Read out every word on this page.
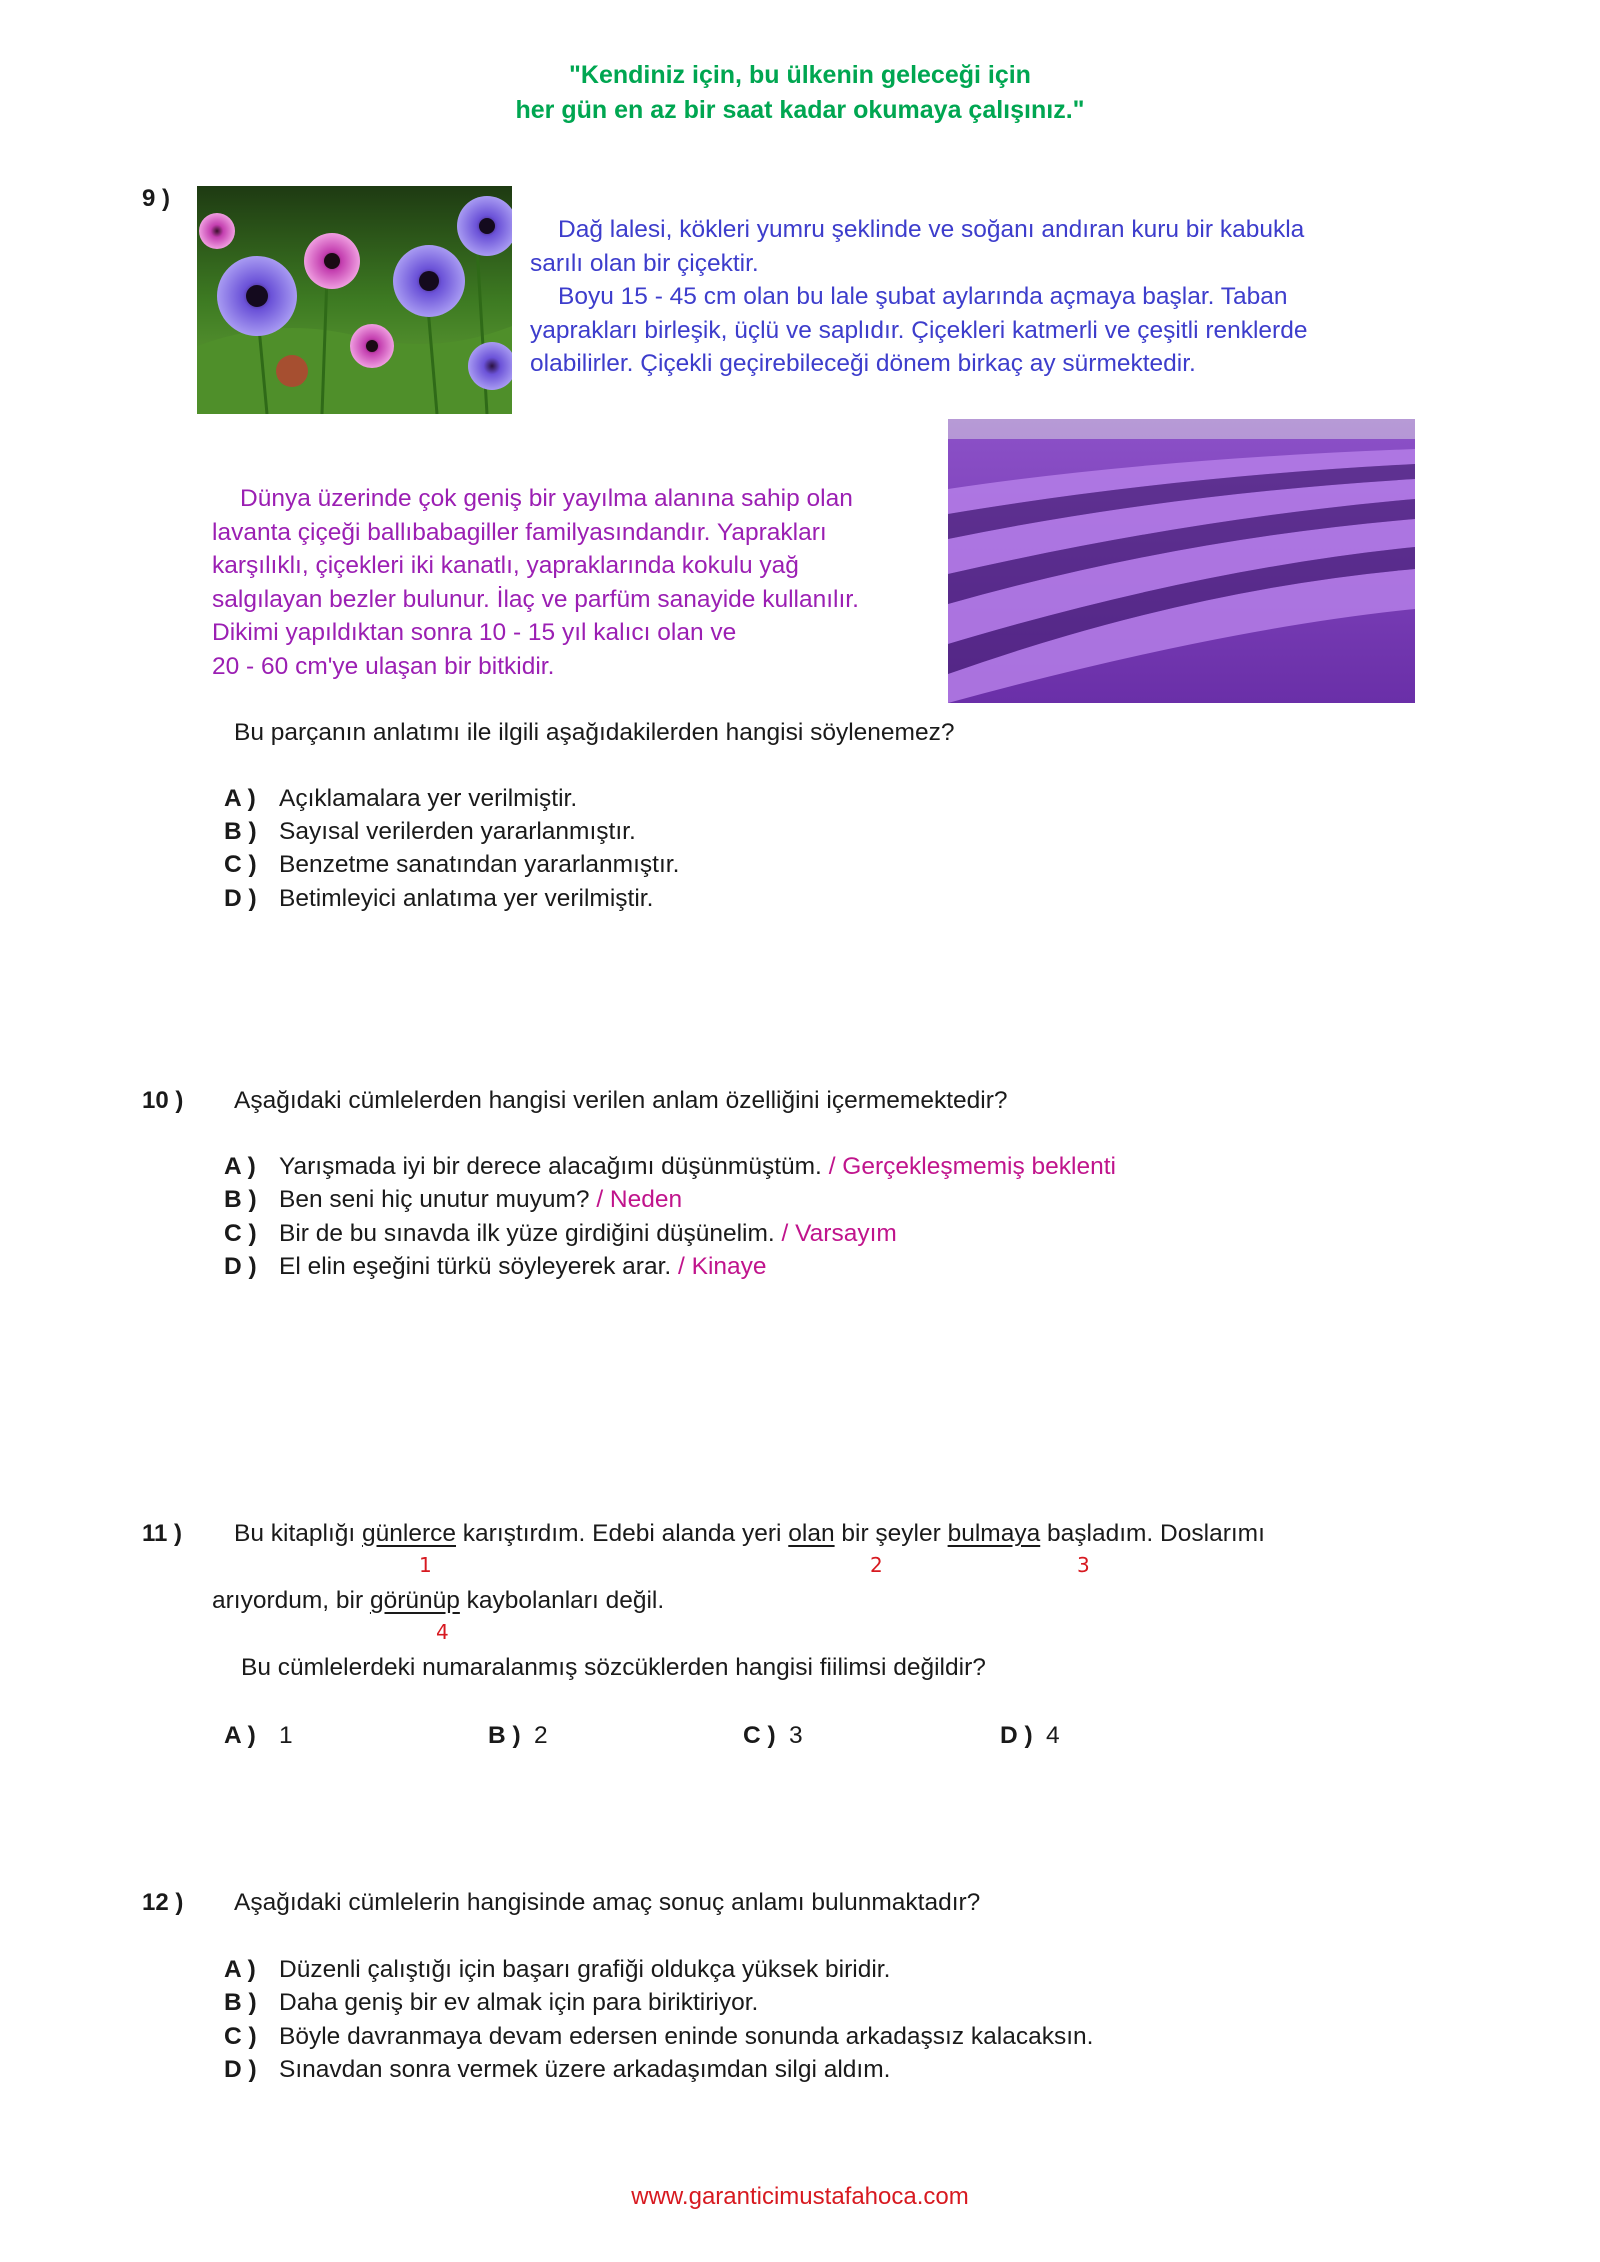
"Kendiniz için, bu ülkenin geleceği için
her gün en az bir saat kadar okumaya çalışınız."
9 )
Dağ lalesi, kökleri yumru şeklinde ve soğanı andıran kuru bir kabukla
sarılı olan bir çiçektir.
Boyu 15 - 45 cm olan bu lale şubat aylarında açmaya başlar. Taban
yaprakları birleşik, üçlü ve saplıdır. Çiçekleri katmerli ve çeşitli renklerde
olabilirler. Çiçekli geçirebileceği dönem birkaç ay sürmektedir.
Dünya üzerinde çok geniş bir yayılma alanına sahip olan
lavanta çiçeği ballıbabagiller familyasındandır. Yaprakları
karşılıklı, çiçekleri iki kanatlı, yapraklarında kokulu yağ
salgılayan bezler bulunur. İlaç ve parfüm sanayide kullanılır.
Dikimi yapıldıktan sonra 10 - 15 yıl kalıcı olan ve
20 - 60 cm'ye ulaşan bir bitkidir.
Bu parçanın anlatımı ile ilgili aşağıdakilerden hangisi söylenemez?
A ) Açıklamalara yer verilmiştir.
B ) Sayısal verilerden yararlanmıştır.
C ) Benzetme sanatından yararlanmıştır.
D ) Betimleyici anlatıma yer verilmiştir.
10 ) Aşağıdaki cümlelerden hangisi verilen anlam özelliğini içermemektedir?
A ) Yarışmada iyi bir derece alacağımı düşünmüştüm. / Gerçekleşmemiş beklenti
B ) Ben seni hiç unutur muyum? / Neden
C ) Bir de bu sınavda ilk yüze girdiğini düşünelim. / Varsayım
D ) El elin eşeğini türkü söyleyerek arar. / Kinaye
11 ) Bu kitaplığı günlerce karıştırdım. Edebi alanda yeri olan bir şeyler bulmaya başladım. Doslarımı
1	2	3
arıyordum, bir görünüp kaybolanları değil.
4
Bu cümlelerdeki numaralanmış sözcüklerden hangisi fiilimsi değildir?
A ) 1	B ) 2	C ) 3	D ) 4
12 ) Aşağıdaki cümlelerin hangisinde amaç sonuç anlamı bulunmaktadır?
A ) Düzenli çalıştığı için başarı grafiği oldukça yüksek biridir.
B ) Daha geniş bir ev almak için para biriktiriyor.
C ) Böyle davranmaya devam edersen eninde sonunda arkadaşsız kalacaksın.
D ) Sınavdan sonra vermek üzere arkadaşımdan silgi aldım.
www.garanticimustafahoca.com
